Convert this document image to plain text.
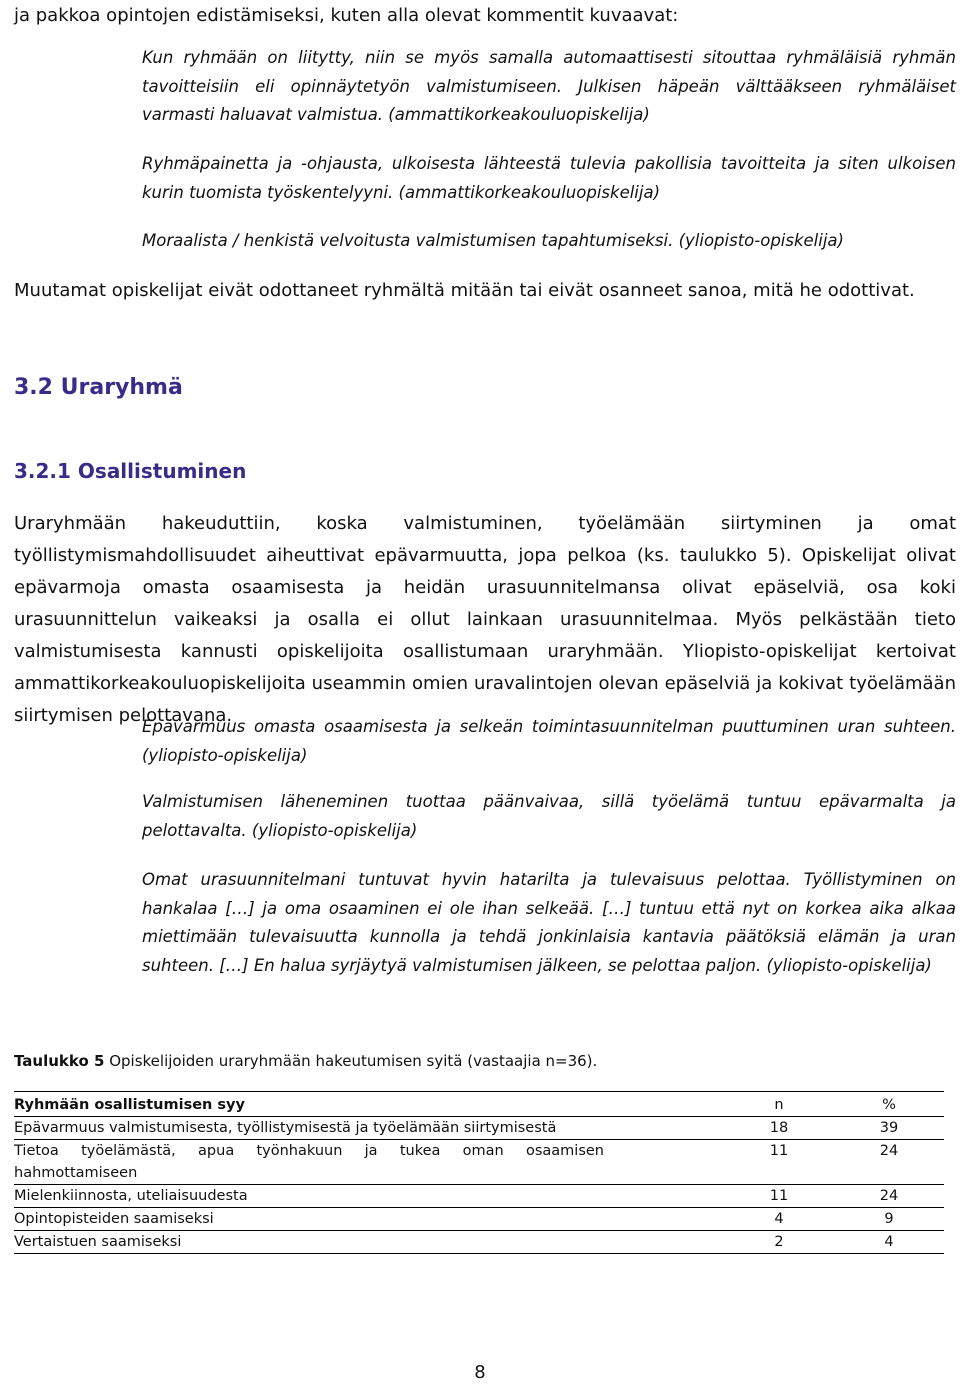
ja pakkoa opintojen edistämiseksi, kuten alla olevat kommentit kuvaavat:

Kun ryhmään on liitytty, niin se myös samalla automaattisesti sitouttaa ryhmäläisiä ryhmän tavoitteisiin eli opinnäytetyön valmistumiseen. Julkisen häpeän välttääkseen ryhmäläiset varmasti haluavat valmistua. (ammattikorkeakouluopiskelija)

Ryhmäpainetta ja -ohjausta, ulkoisesta lähteestä tulevia pakollisia tavoitteita ja siten ulkoisen kurin tuomista työskentelyyni. (ammattikorkeakouluopiskelija)

Moraalista / henkistä velvoitusta valmistumisen tapahtumiseksi. (yliopisto-opiskelija)

Muutamat opiskelijat eivät odottaneet ryhmältä mitään tai eivät osanneet sanoa, mitä he odottivat.

3.2 Uraryhmä
3.2.1 Osallistuminen

Uraryhmään hakeuduttiin, koska valmistuminen, työelämään siirtyminen ja omat työllistymismahdollisuudet aiheuttivat epävarmuutta, jopa pelkoa (ks. taulukko 5). Opiskelijat olivat epävarmoja omasta osaamisesta ja heidän urasuunnitelmansa olivat epäselviä, osa koki urasuunnittelun vaikeaksi ja osalla ei ollut lainkaan urasuunnitelmaa. Myös pelkästään tieto valmistumisesta kannusti opiskelijoita osallistumaan uraryhmään. Yliopisto-opiskelijat kertoivat ammattikorkeakouluopiskelijoita useammin omien uravalintojen olevan epäselviä ja kokivat työelämään siirtymisen pelottavana.

Epävarmuus omasta osaamisesta ja selkeän toimintasuunnitelman puuttuminen uran suhteen. (yliopisto-opiskelija)

Valmistumisen läheneminen tuottaa päänvaivaa, sillä työelämä tuntuu epävarmalta ja pelottavalta. (yliopisto-opiskelija)

Omat urasuunnitelmani tuntuvat hyvin hatarilta ja tulevaisuus pelottaa. Työllistyminen on hankalaa […] ja oma osaaminen ei ole ihan selkeää. […] tuntuu että nyt on korkea aika alkaa miettimään tulevaisuutta kunnolla ja tehdä jonkinlaisia kantavia päätöksiä elämän ja uran suhteen. […] En halua syrjäytyä valmistumisen jälkeen, se pelottaa paljon. (yliopisto-opiskelija)

Taulukko 5 Opiskelijoiden uraryhmään hakeutumisen syitä (vastaajia n=36).

Ryhmään osallistumisen syy	n	%
Epävarmuus valmistumisesta, työllistymisestä ja työelämään siirtymisestä	18	39
Tietoa työelämästä, apua työnhakuun ja tukea oman osaamisen hahmottamiseen	11	24
Mielenkiinnosta, uteliaisuudesta	11	24
Opintopisteiden saamiseksi	4	9
Vertaistuen saamiseksi	2	4
8
